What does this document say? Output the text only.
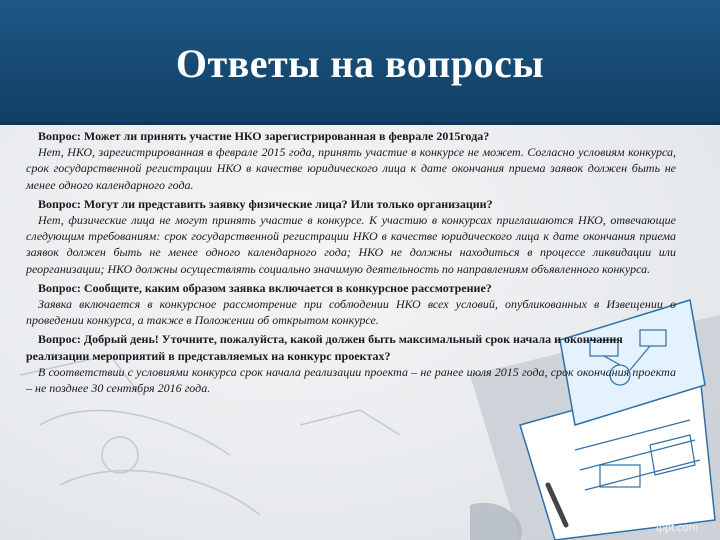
Ответы на вопросы

Вопрос: Может ли принять участие НКО зарегистрированная в феврале 2015года?

Нет, НКО, зарегистрированная в феврале 2015 года, принять участие в конкурсе не может. Согласно условиям конкурса, срок государственной регистрации НКО в качестве юридического лица к дате окончания приема заявок должен быть не менее одного календарного года.

Вопрос: Могут ли представить заявку физические лица? Или только организации?

Нет, физические лица не могут принять участие в конкурсе. К участию в конкурсах приглашаются НКО, отвечающие следующим требованиям: срок государственной регистрации НКО в качестве юридического лица к дате окончания приема заявок должен быть не менее одного календарного года; НКО не должны находиться в процессе ликвидации или реорганизации; НКО должны осуществлять социально значимую деятельность по направлениям объявленного конкурса.

Вопрос: Сообщите, каким образом заявка включается в конкурсное рассмотрение?

Заявка включается в конкурсное рассмотрение при соблюдении НКО всех условий, опубликованных в Извещении о проведении конкурса, а также в Положении об открытом конкурсе.

Вопрос: Добрый день! Уточните, пожалуйста, какой должен быть максимальный срок начала и окончания реализации мероприятий в представляемых на конкурс проектах?

В соответствии с условиями конкурса срок начала реализации проекта – не ранее июля 2015 года, срок окончания проекта – не позднее 30 сентября 2016 года.

fppt.com
